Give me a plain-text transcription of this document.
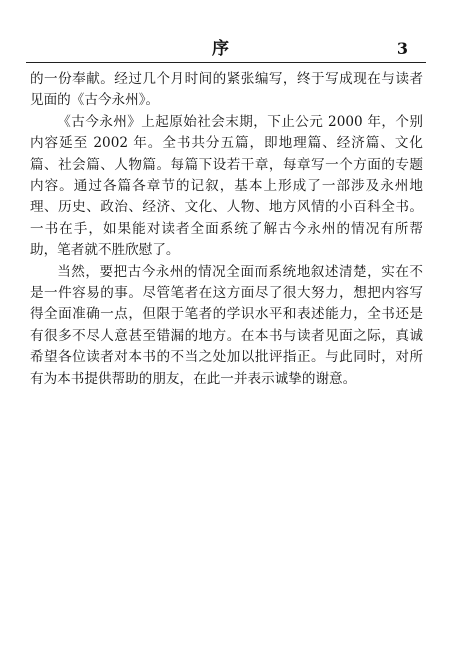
序	3

的一份奉献。经过几个月时间的紧张编写，终于写成现在与读者见面的《古今永州》。

《古今永州》上起原始社会末期，下止公元 2000 年，个别内容延至 2002 年。全书共分五篇，即地理篇、经济篇、文化篇、社会篇、人物篇。每篇下设若干章，每章写一个方面的专题内容。通过各篇各章节的记叙，基本上形成了一部涉及永州地理、历史、政治、经济、文化、人物、地方风情的小百科全书。一书在手，如果能对读者全面系统了解古今永州的情况有所帮助，笔者就不胜欣慰了。

当然，要把古今永州的情况全面而系统地叙述清楚，实在不是一件容易的事。尽管笔者在这方面尽了很大努力，想把内容写得全面准确一点，但限于笔者的学识水平和表述能力，全书还是有很多不尽人意甚至错漏的地方。在本书与读者见面之际，真诚希望各位读者对本书的不当之处加以批评指正。与此同时，对所有为本书提供帮助的朋友，在此一并表示诚挚的谢意。
